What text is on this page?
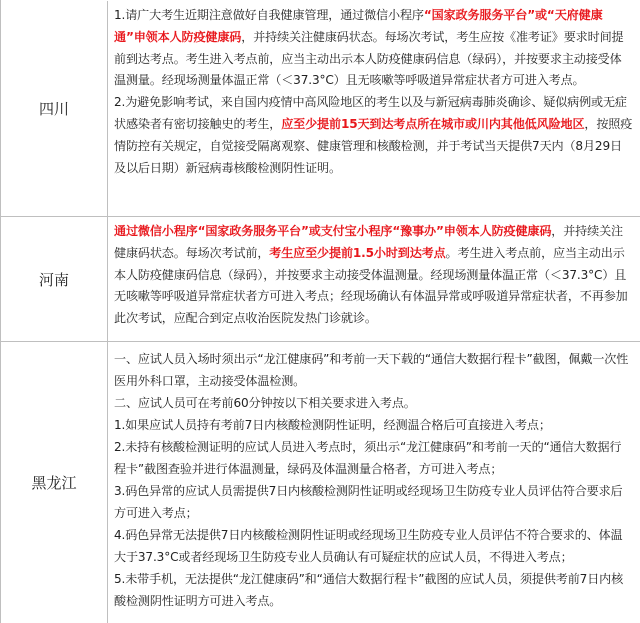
四川

1.请广大考生近期注意做好自我健康管理，通过微信小程序“国家政务服务平台”或“天府健康通”申领本人防疫健康码，并持续关注健康码状态。每场次考试，考生应按《准考证》要求时间提前到达考点。考生进入考点前，应当主动出示本人防疫健康码信息（绿码），并按要求主动接受体温测量。经现场测量体温正常（＜37.3°C）且无咳嗽等呼吸道异常症状者方可进入考点。

2.为避免影响考试，来自国内疫情中高风险地区的考生以及与新冠病毒肺炎确诊、疑似病例或无症状感染者有密切接触史的考生，应至少提前15天到达考点所在城市或川内其他低风险地区，按照疫情防控有关规定，自觉接受隔离观察、健康管理和核酸检测，并于考试当天提供7天内（8月29日及以后日期）新冠病毒核酸检测阴性证明。

河南

通过微信小程序“国家政务服务平台”或支付宝小程序“豫事办”申领本人防疫健康码，并持续关注健康码状态。每场次考试前，考生应至少提前1.5小时到达考点。考生进入考点前，应当主动出示本人防疫健康码信息（绿码），并按要求主动接受体温测量。经现场测量体温正常（＜37.3°C）且无咳嗽等呼吸道异常症状者方可进入考点；经现场确认有体温异常或呼吸道异常症状者，不再参加此次考试，应配合到定点收治医院发热门诊就诊。

黑龙江

一、应试人员入场时须出示“龙江健康码”和考前一天下载的“通信大数据行程卡”截图，佩戴一次性医用外科口罩，主动接受体温检测。

二、应试人员可在考前60分钟按以下相关要求进入考点。

1.如果应试人员持有考前7日内核酸检测阴性证明，经测温合格后可直接进入考点；

2.未持有核酸检测证明的应试人员进入考点时，须出示“龙江健康码”和考前一天的“通信大数据行程卡”截图查验并进行体温测量，绿码及体温测量合格者，方可进入考点；

3.码色异常的应试人员需提供7日内核酸检测阴性证明或经现场卫生防疫专业人员评估符合要求后方可进入考点；

4.码色异常无法提供7日内核酸检测阴性证明或经现场卫生防疫专业人员评估不符合要求的、体温大于37.3°C或者经现场卫生防疫专业人员确认有可疑症状的应试人员，不得进入考点；

5.未带手机，无法提供“龙江健康码”和“通信大数据行程卡”截图的应试人员，须提供考前7日内核酸检测阴性证明方可进入考点。
